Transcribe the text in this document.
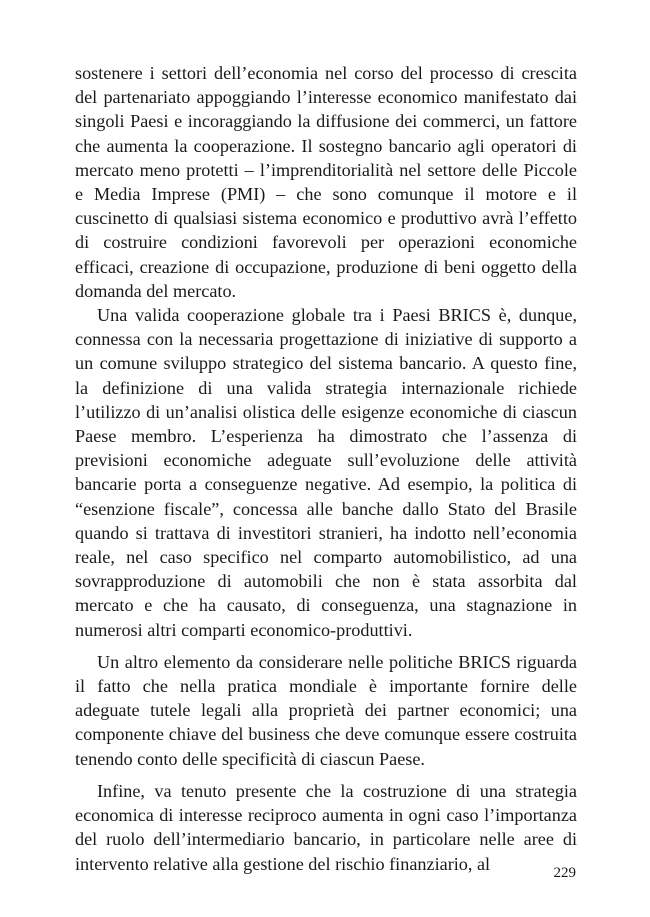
sostenere i settori dell’economia nel corso del processo di crescita del partenariato appoggiando l’interesse economico manifestato dai singoli Paesi e incoraggiando la diffusione dei commerci, un fattore che aumenta la cooperazione. Il sostegno bancario agli operatori di mercato meno protetti – l’imprenditorialità nel settore delle Piccole e Media Imprese (PMI) – che sono comunque il motore e il cuscinetto di qualsiasi sistema economico e produttivo avrà l’effetto di costruire condizioni favorevoli per operazioni economiche efficaci, creazione di occupazione, produzione di beni oggetto della domanda del mercato.

Una valida cooperazione globale tra i Paesi BRICS è, dunque, connessa con la necessaria progettazione di iniziative di supporto a un comune sviluppo strategico del sistema bancario. A questo fine, la definizione di una valida strategia internazionale richiede l’utilizzo di un’analisi olistica delle esigenze economiche di ciascun Paese membro. L’esperienza ha dimostrato che l’assenza di previsioni economiche adeguate sull’evoluzione delle attività bancarie porta a conseguenze negative. Ad esempio, la politica di “esenzione fiscale”, concessa alle banche dallo Stato del Brasile quando si trattava di investitori stranieri, ha indotto nell’economia reale, nel caso specifico nel comparto automobilistico, ad una sovrapproduzione di automobili che non è stata assorbita dal mercato e che ha causato, di conseguenza, una stagnazione in numerosi altri comparti economico-produttivi.

Un altro elemento da considerare nelle politiche BRICS riguarda il fatto che nella pratica mondiale è importante fornire delle adeguate tutele legali alla proprietà dei partner economici; una componente chiave del business che deve comunque essere costruita tenendo conto delle specificità di ciascun Paese.

Infine, va tenuto presente che la costruzione di una strategia economica di interesse reciproco aumenta in ogni caso l’importanza del ruolo dell’intermediario bancario, in particolare nelle aree di intervento relative alla gestione del rischio finanziario, al	229
